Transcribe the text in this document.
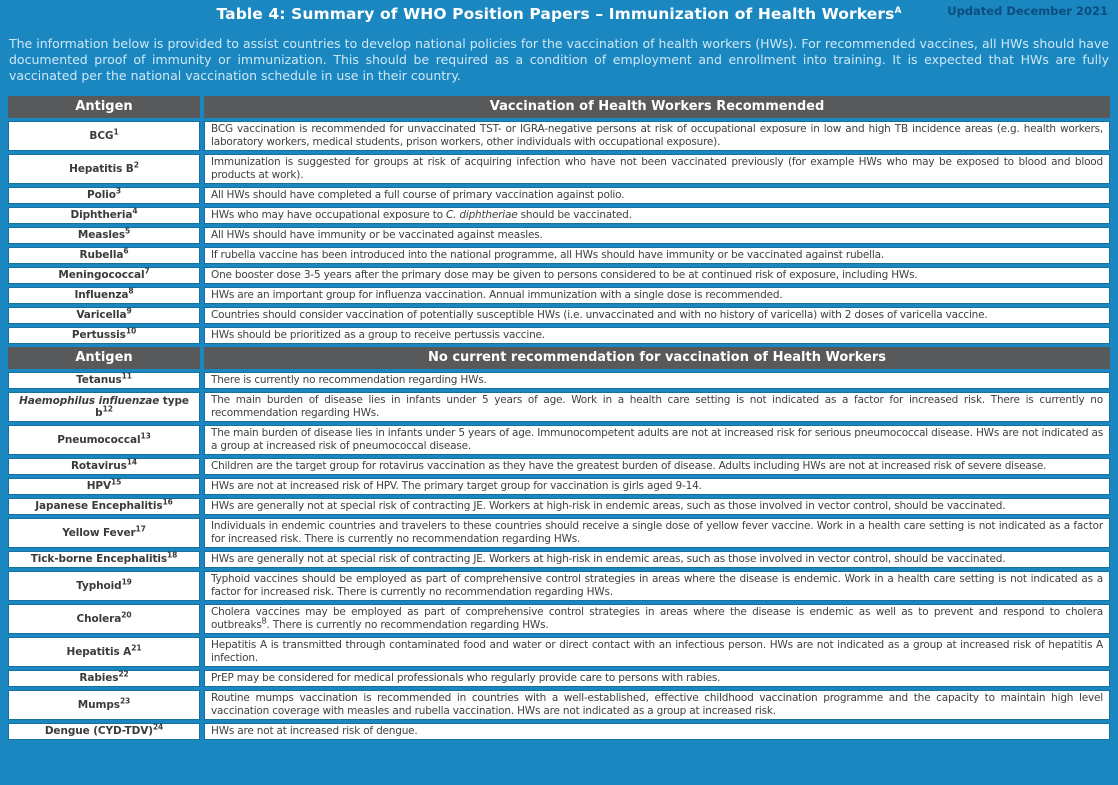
Table 4: Summary of WHO Position Papers – Immunization of Health Workers$^A$	Updated December 2021
The information below is provided to assist countries to develop national policies for the vaccination of health workers (HWs). For recommended vaccines, all HWs should have documented proof of immunity or immunization. This should be required as a condition of employment and enrollment into training. It is expected that HWs are fully vaccinated per the national vaccination schedule in use in their country.
Antigen	Vaccination of Health Workers Recommended
BCG$^1$	BCG vaccination is recommended for unvaccinated TST- or IGRA-negative persons at risk of occupational exposure in low and high TB incidence areas (e.g. health workers, laboratory workers, medical students, prison workers, other individuals with occupational exposure).
Hepatitis $B^2$	Immunization is suggested for groups at risk of acquiring infection who have not been vaccinated previously (for example HWs who may be exposed to blood and blood products at work).
Polio$^3$	All HWs should have completed a full course of primary vaccination against polio.
Diphtheria$^4$	HWs who may have occupational exposure to C. diphtheriae should be vaccinated.
Measles$^5$	All HWs should have immunity or be vaccinated against measles.
Rubella$^6$	If rubella vaccine has been introduced into the national programme, all HWs should have immunity or be vaccinated against rubella.
Meningococcal$^7$	One booster dose 3-5 years after the primary dose may be given to persons considered to be at continued risk of exposure, including HWs.
Influenza$^8$	HWs are an important group for influenza vaccination. Annual immunization with a single dose is recommended.
Varicella$^9$	Countries should consider vaccination of potentially susceptible HWs (i.e. unvaccinated and with no history of varicella) with 2 doses of varicella vaccine.
Pertussis$^{10}$	HWs should be prioritized as a group to receive pertussis vaccine.
Antigen	No current recommendation for vaccination of Health Workers
Tetanus$^{11}$	There is currently no recommendation regarding HWs.
Haemophilus influenzae type $b^{12}$	The main burden of disease lies in infants under 5 years of age. Work in a health care setting is not indicated as a factor for increased risk. There is currently no recommendation regarding HWs.
Pneumococcal$^{13}$	The main burden of disease lies in infants under 5 years of age. Immunocompetent adults are not at increased risk for serious pneumococcal disease. HWs are not indicated as a group at increased risk of pneumococcal disease.
Rotavirus$^{14}$	Children are the target group for rotavirus vaccination as they have the greatest burden of disease. Adults including HWs are not at increased risk of severe disease.
HPV$^{15}$	HWs are not at increased risk of HPV. The primary target group for vaccination is girls aged 9-14.
Japanese Encephalitis$^{16}$	HWs are generally not at special risk of contracting JE. Workers at high-risk in endemic areas, such as those involved in vector control, should be vaccinated.
Yellow Fever$^{17}$	Individuals in endemic countries and travelers to these countries should receive a single dose of yellow fever vaccine. Work in a health care setting is not indicated as a factor for increased risk. There is currently no recommendation regarding HWs.
Tick-borne Encephalitis$^{18}$	HWs are generally not at special risk of contracting JE. Workers at high-risk in endemic areas, such as those involved in vector control, should be vaccinated.
Typhoid$^{19}$	Typhoid vaccines should be employed as part of comprehensive control strategies in areas where the disease is endemic. Work in a health care setting is not indicated as a factor for increased risk. There is currently no recommendation regarding HWs.
Cholera$^{20}$	Cholera vaccines may be employed as part of comprehensive control strategies in areas where the disease is endemic as well as to prevent and respond to cholera outbreaks$^B$. There is currently no recommendation regarding HWs.
Hepatitis $A^{21}$	Hepatitis A is transmitted through contaminated food and water or direct contact with an infectious person. HWs are not indicated as a group at increased risk of hepatitis A infection.
Rabies$^{22}$	PrEP may be considered for medical professionals who regularly provide care to persons with rabies.
Mumps$^{23}$	Routine mumps vaccination is recommended in countries with a well-established, effective childhood vaccination programme and the capacity to maintain high level vaccination coverage with measles and rubella vaccination. HWs are not indicated as a group at increased risk.
Dengue $(CYD-TDV)^{24}$	HWs are not at increased risk of dengue.
